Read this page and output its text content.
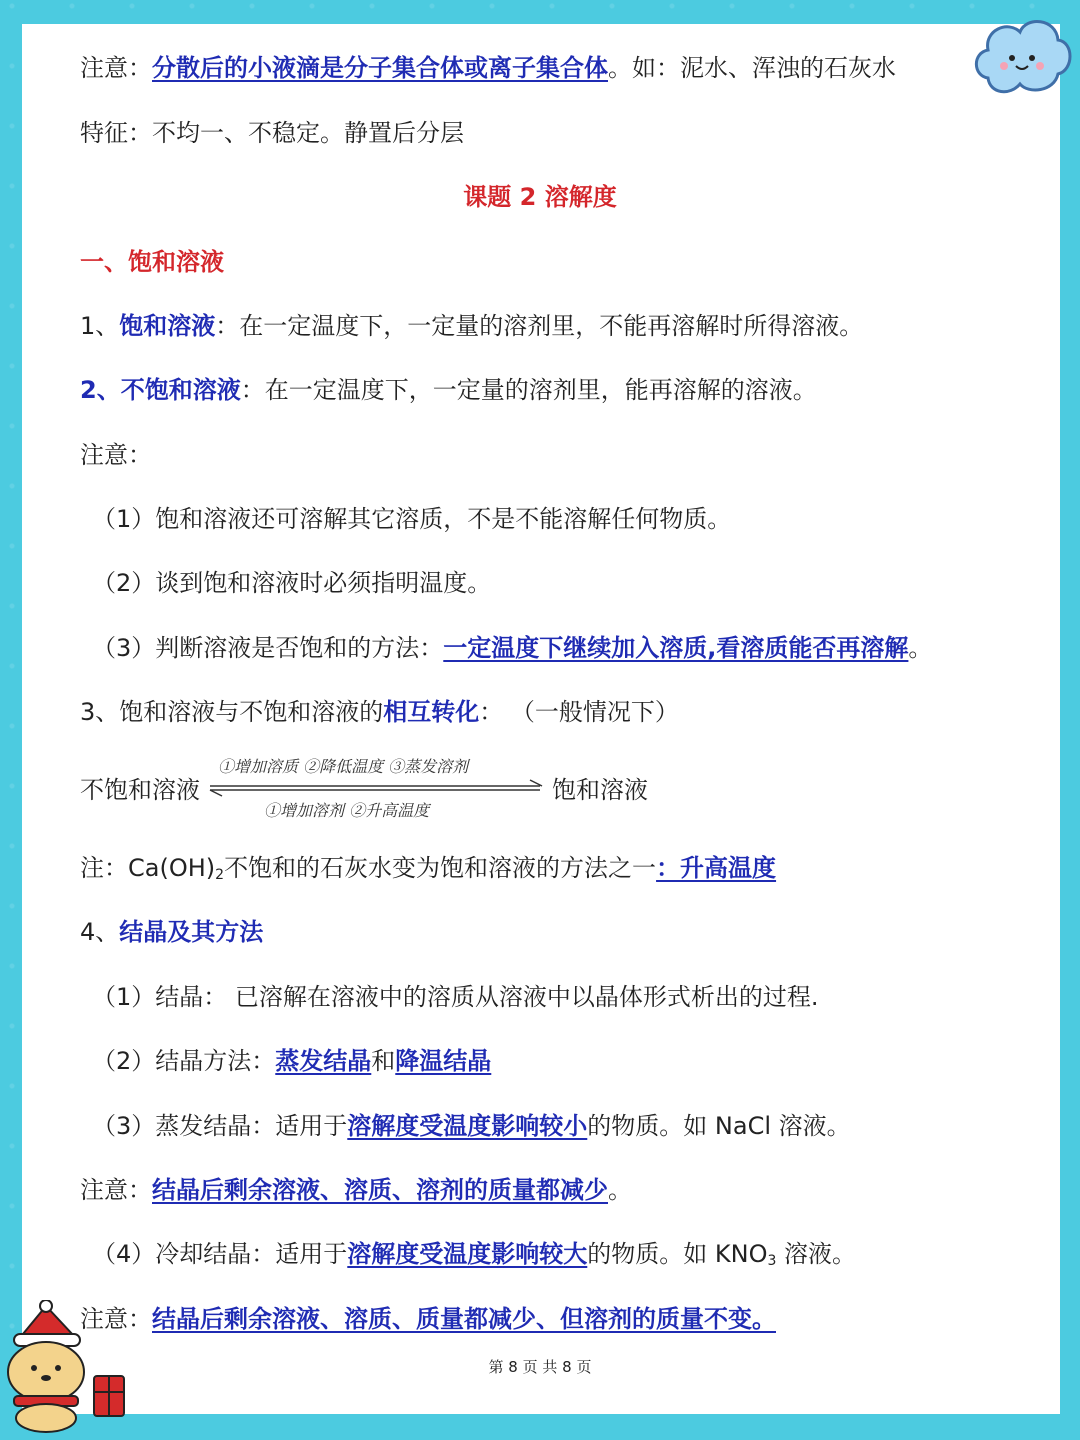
注意：分散后的小液滴是分子集合体或离子集合体。如：泥水、浑浊的石灰水
特征：不均一、不稳定。静置后分层
课题 2 溶解度
一、饱和溶液
1、饱和溶液：在一定温度下，一定量的溶剂里，不能再溶解时所得溶液。
2、不饱和溶液：在一定温度下，一定量的溶剂里，能再溶解的溶液。
注意：
（1）饱和溶液还可溶解其它溶质，不是不能溶解任何物质。
（2）谈到饱和溶液时必须指明温度。
（3）判断溶液是否饱和的方法：一定温度下继续加入溶质,看溶质能否再溶解。
3、饱和溶液与不饱和溶液的相互转化： （一般情况下）
不饱和溶液	饱和溶液
①增加溶质 ②降低温度 ③蒸发溶剂
①增加溶剂 ②升高温度
注：$Ca(OH)_2$不饱和的石灰水变为饱和溶液的方法之一：升高温度
4、结晶及其方法
（1）结晶： 已溶解在溶液中的溶质从溶液中以晶体形式析出的过程.
（2）结晶方法：蒸发结晶和降温结晶
（3）蒸发结晶：适用于溶解度受温度影响较小的物质。如 NaCl 溶液。
注意：结晶后剩余溶液、溶质、溶剂的质量都减少。
（4）冷却结晶：适用于溶解度受温度影响较大的物质。如 $KNO_3$ 溶液。
注意：结晶后剩余溶液、溶质、质量都减少、但溶剂的质量不变。
第 8 页 共 8 页
